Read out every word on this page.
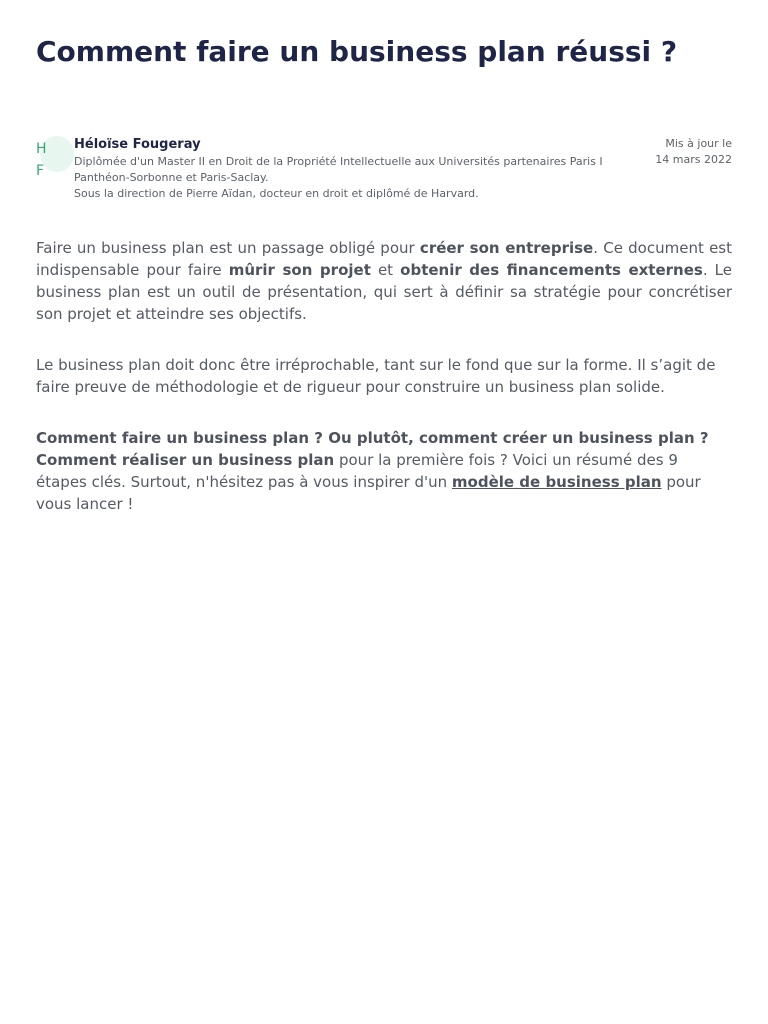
Comment faire un business plan réussi ?
HF
Héloïse Fougeray
Diplômée d'un Master II en Droit de la Propriété Intellectuelle aux Universités partenaires Paris I Panthéon-Sorbonne et Paris-Saclay.
Sous la direction de Pierre Aïdan, docteur en droit et diplômé de Harvard.
Mis à jour le
14 mars 2022

Faire un business plan est un passage obligé pour créer son entreprise. Ce document est indispensable pour faire mûrir son projet et obtenir des financements externes. Le business plan est un outil de présentation, qui sert à définir sa stratégie pour concrétiser son projet et atteindre ses objectifs.

Le business plan doit donc être irréprochable, tant sur le fond que sur la forme. Il s’agit de faire preuve de méthodologie et de rigueur pour construire un business plan solide.

Comment faire un business plan ? Ou plutôt, comment créer un business plan ? Comment réaliser un business plan pour la première fois ? Voici un résumé des 9 étapes clés. Surtout, n'hésitez pas à vous inspirer d'un modèle de business plan pour vous lancer !
